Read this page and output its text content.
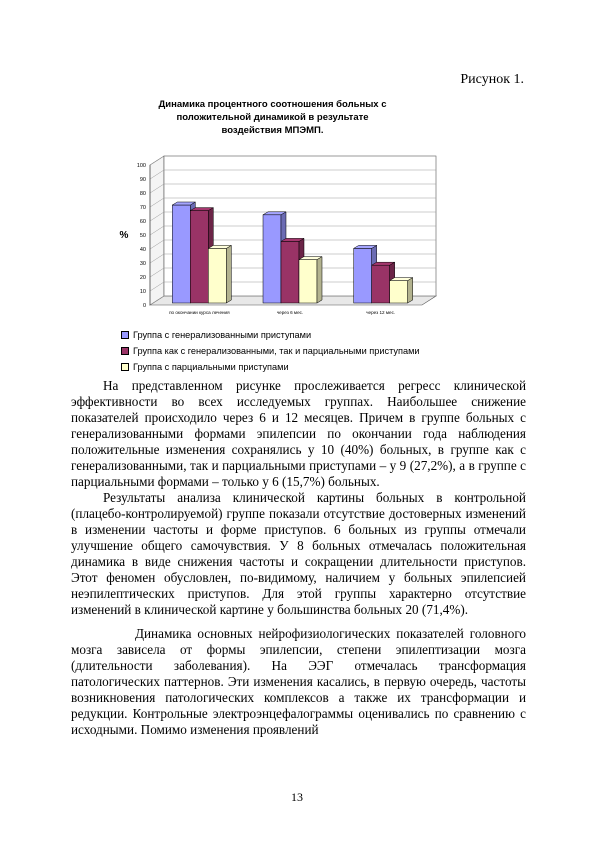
Рисунок 1.
Динамика процентного соотношения больных с
положительной динамикой в результате
воздействия МПЭМП.
0
10
20
30
40
50
60
70
80
90
100
%
по окончании курса лечения	через 6 мес.	через 12 мес.
Группа с генерализованными приступами
Группа как с генерализованными, так и парциальными приступами
Группа с парциальными приступами

На представленном рисунке прослеживается регресс клинической эффективности во всех исследуемых группах. Наибольшее снижение показателей происходило через 6 и 12 месяцев. Причем в группе больных с генерализованными формами эпилепсии по окончании года наблюдения положительные изменения сохранялись у 10 (40%) больных, в группе как с генерализованными, так и парциальными приступами – у 9 (27,2%), а в группе с парциальными формами – только у 6 (15,7%) больных.

Результаты анализа клинической картины больных в контрольной (плацебо-контролируемой) группе показали отсутствие достоверных изменений в изменении частоты и форме приступов. 6 больных из группы отмечали улучшение общего самочувствия. У 8 больных отмечалась положительная динамика в виде снижения частоты и сокращении длительности приступов. Этот феномен обусловлен, по-видимому, наличием у больных эпилепсией неэпилептических приступов. Для этой группы характерно отсутствие изменений в клинической картине у большинства больных 20 (71,4%).

Динамика основных нейрофизиологических показателей головного мозга зависела от формы эпилепсии, степени эпилептизации мозга (длительности заболевания). На ЭЭГ отмечалась трансформация патологических паттернов. Эти изменения касались, в первую очередь, частоты возникновения патологических комплексов а также их трансформации и редукции. Контрольные электроэнцефалограммы оценивались по сравнению с исходными. Помимо изменения проявлений

13
